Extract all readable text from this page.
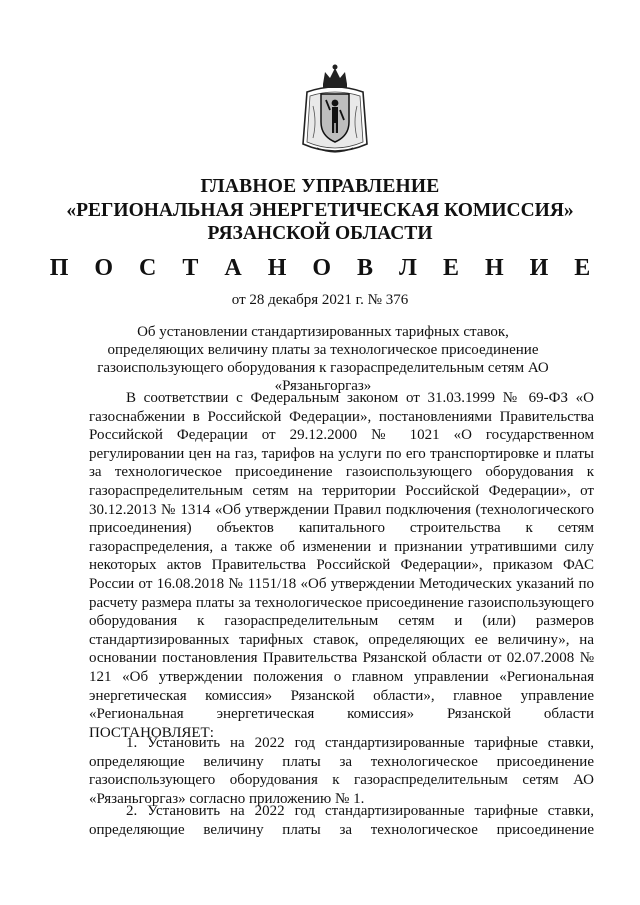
ГЛАВНОЕ УПРАВЛЕНИЕ
«РЕГИОНАЛЬНАЯ ЭНЕРГЕТИЧЕСКАЯ КОМИССИЯ»
РЯЗАНСКОЙ ОБЛАСТИ
П О С Т А Н О В Л Е Н И Е
от 28 декабря 2021 г. № 376
Об установлении стандартизированных тарифных ставок, определяющих величину платы за технологическое присоединение газоиспользующего оборудования к газораспределительным сетям АО «Рязаньгоргаз»

В соответствии с Федеральным законом от 31.03.1999 № 69-ФЗ «О газоснабжении в Российской Федерации», постановлениями Правительства Российской Федерации от 29.12.2000 № 1021 «О государственном регулировании цен на газ, тарифов на услуги по его транспортировке и платы за технологическое присоединение газоиспользующего оборудования к газораспределительным сетям на территории Российской Федерации», от 30.12.2013 № 1314 «Об утверждении Правил подключения (технологического присоединения) объектов капитального строительства к сетям газораспределения, а также об изменении и признании утратившими силу некоторых актов Правительства Российской Федерации», приказом ФАС России от 16.08.2018 № 1151/18 «Об утверждении Методических указаний по расчету размера платы за технологическое присоединение газоиспользующего оборудования к газораспределительным сетям и (или) размеров стандартизированных тарифных ставок, определяющих ее величину», на основании постановления Правительства Рязанской области от 02.07.2008 № 121 «Об утверждении положения о главном управлении «Региональная энергетическая комиссия» Рязанской области», главное управление «Региональная энергетическая комиссия» Рязанской области ПОСТАНОВЛЯЕТ:

1. Установить на 2022 год стандартизированные тарифные ставки, определяющие величину платы за технологическое присоединение газоиспользующего оборудования к газораспределительным сетям АО «Рязаньгоргаз» согласно приложению № 1.

2. Установить на 2022 год стандартизированные тарифные ставки, определяющие величину платы за технологическое присоединение
